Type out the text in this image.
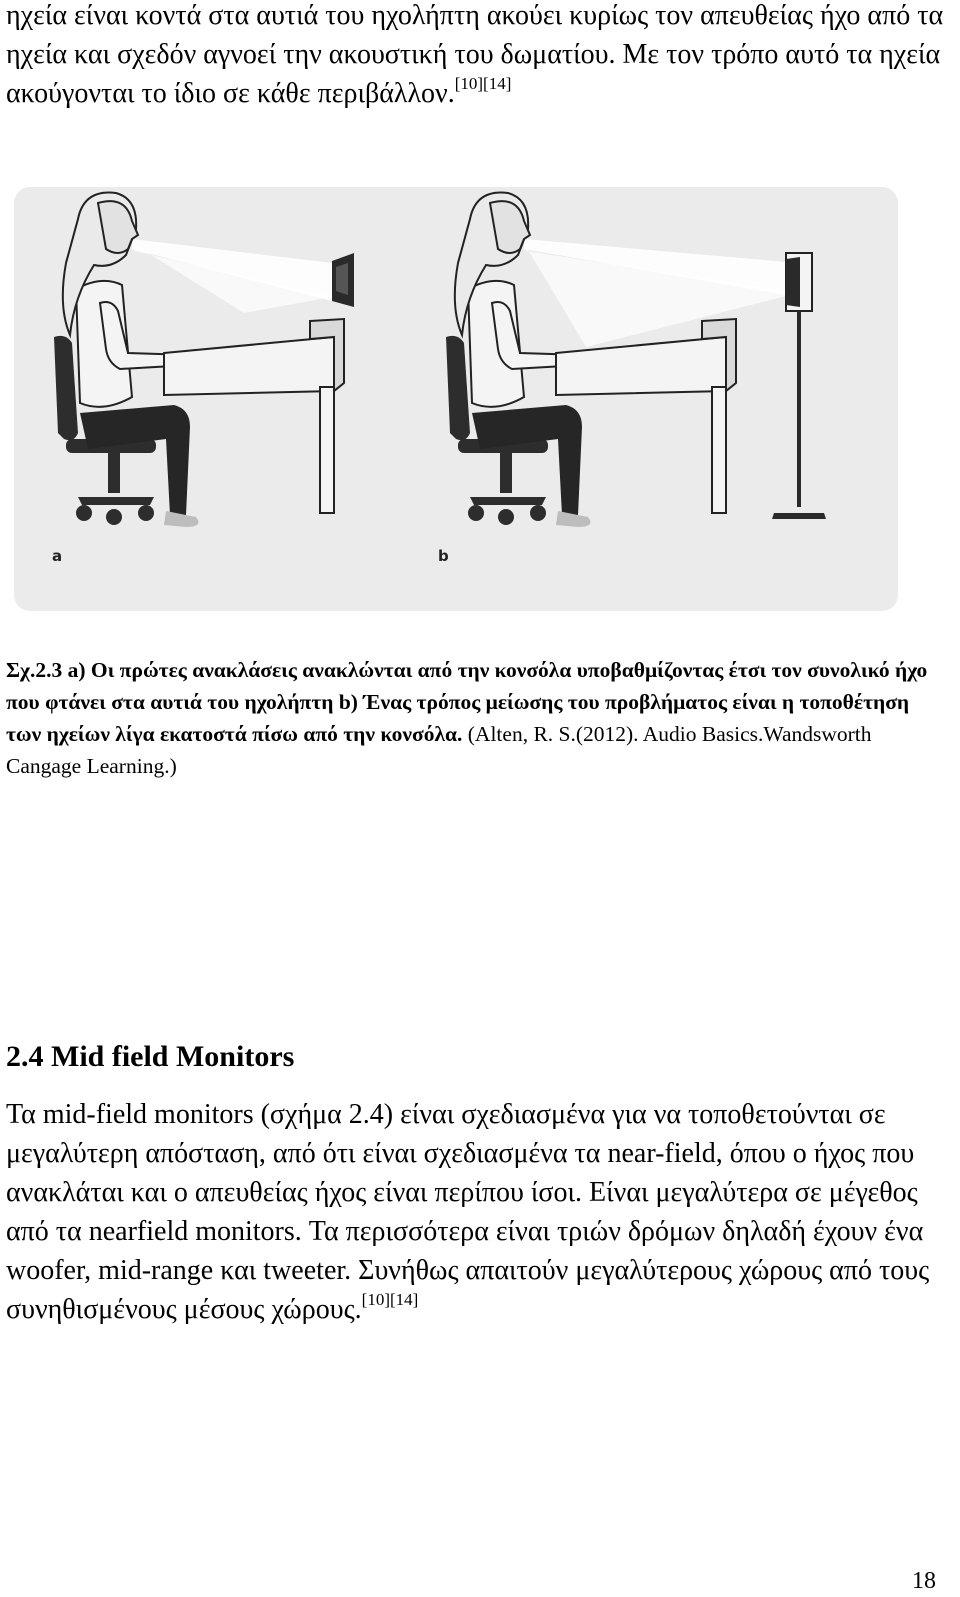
ηχεία είναι κοντά στα αυτιά του ηχολήπτη ακούει κυρίως τον απευθείας ήχο από τα ηχεία και σχεδόν αγνοεί την ακουστική του δωματίου. Με τον τρόπο αυτό τα ηχεία ακούγονται το ίδιο σε κάθε περιβάλλον.[10][14]

a	b

Σχ.2.3 a) Οι πρώτες ανακλάσεις ανακλώνται από την κονσόλα υποβαθμίζοντας έτσι τον συνολικό ήχο που φτάνει στα αυτιά του ηχολήπτη b) Ένας τρόπος μείωσης του προβλήματος είναι η τοποθέτηση των ηχείων λίγα εκατοστά πίσω από την κονσόλα. (Alten, R. S.(2012). Audio Basics.Wandsworth Cangage Learning.)

2.4 Mid field Monitors

Τα mid-field monitors (σχήμα 2.4) είναι σχεδιασμένα για να τοποθετούνται σε μεγαλύτερη απόσταση, από ότι είναι σχεδιασμένα τα near-field, όπου ο ήχος που ανακλάται και ο απευθείας ήχος είναι περίπου ίσοι. Είναι μεγαλύτερα σε μέγεθος από τα nearfield monitors. Τα περισσότερα είναι τριών δρόμων δηλαδή έχουν ένα woofer, mid-range και tweeter. Συνήθως απαιτούν μεγαλύτερους χώρους από τους συνηθισμένους μέσους χώρους.[10][14]

18
